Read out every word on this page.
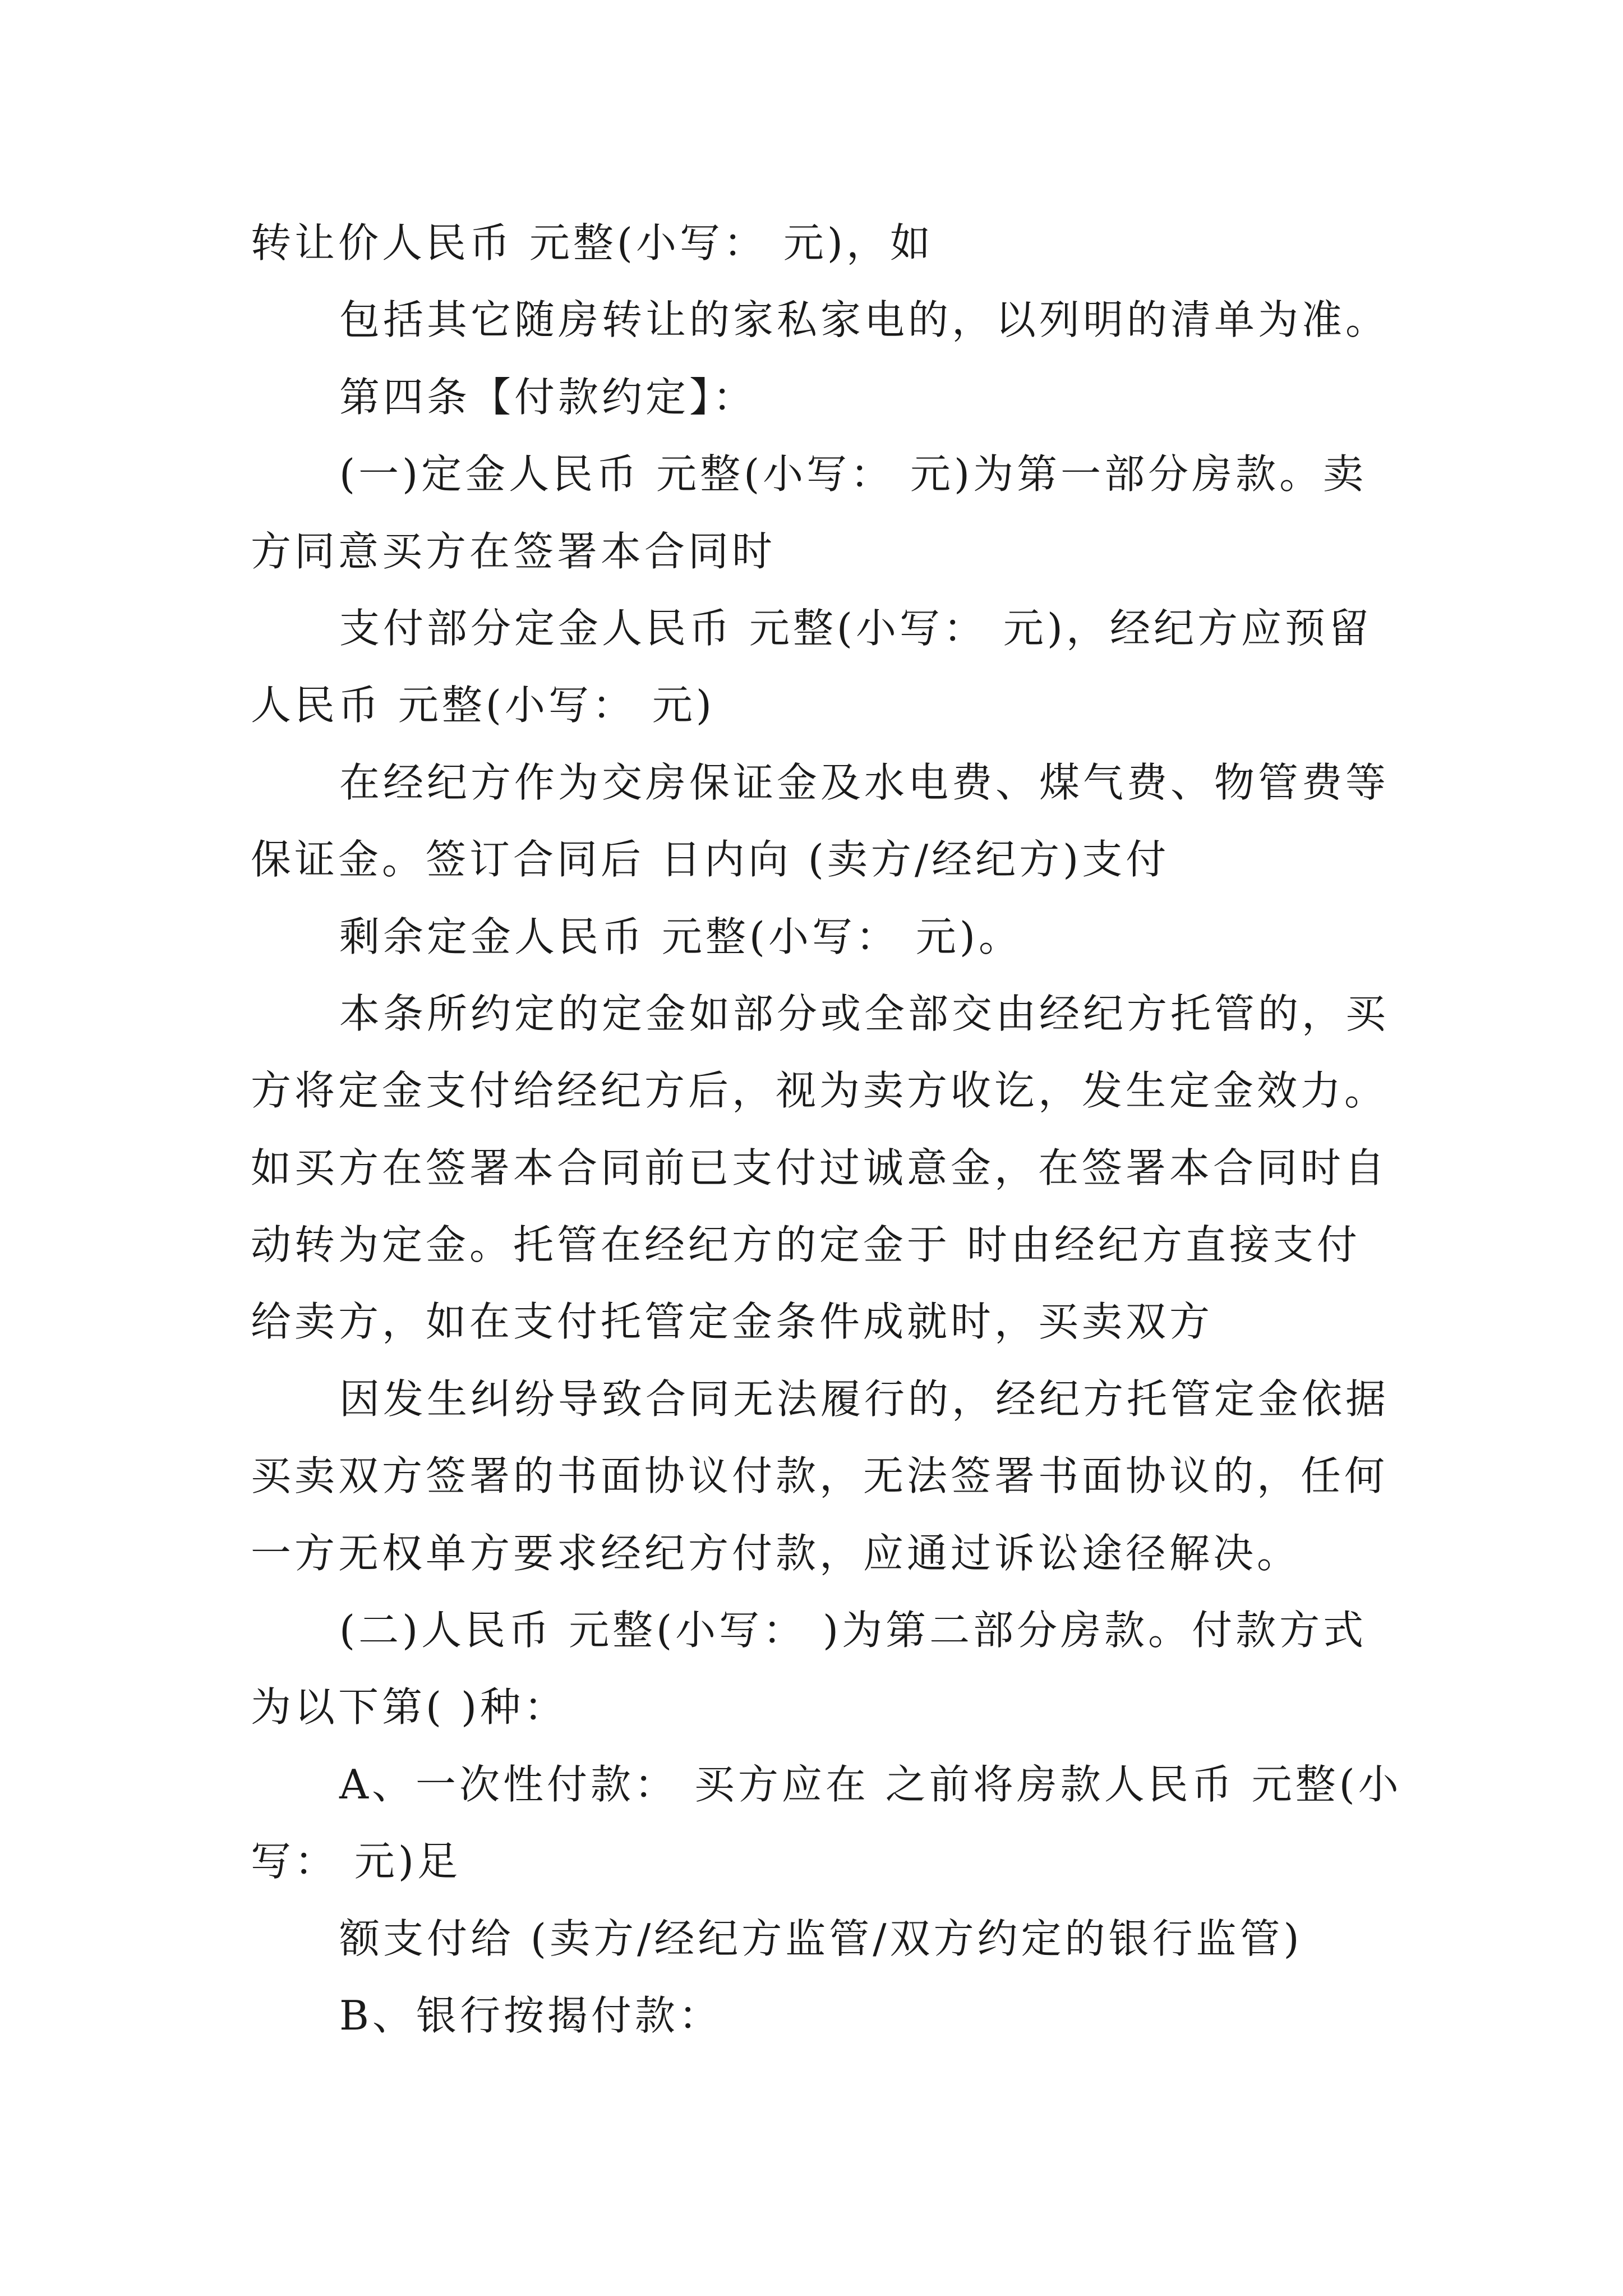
转让价人民币 元整(小写： 元)，如
包括其它随房转让的家私家电的，以列明的清单为准。
第四条【付款约定】：
(一)定金人民币 元整(小写： 元)为第一部分房款。卖
方同意买方在签署本合同时
支付部分定金人民币 元整(小写： 元)，经纪方应预留
人民币 元整(小写： 元)
在经纪方作为交房保证金及水电费、煤气费、物管费等
保证金。签订合同后 日内向 (卖方/经纪方)支付
剩余定金人民币 元整(小写： 元)。
本条所约定的定金如部分或全部交由经纪方托管的，买
方将定金支付给经纪方后，视为卖方收讫，发生定金效力。
如买方在签署本合同前已支付过诚意金，在签署本合同时自
动转为定金。托管在经纪方的定金于 时由经纪方直接支付
给卖方，如在支付托管定金条件成就时，买卖双方
因发生纠纷导致合同无法履行的，经纪方托管定金依据
买卖双方签署的书面协议付款，无法签署书面协议的，任何
一方无权单方要求经纪方付款，应通过诉讼途径解决。
(二)人民币 元整(小写： )为第二部分房款。付款方式
为以下第( )种：
A、一次性付款： 买方应在 之前将房款人民币 元整(小
写： 元)足
额支付给 (卖方/经纪方监管/双方约定的银行监管)
B、银行按揭付款：
